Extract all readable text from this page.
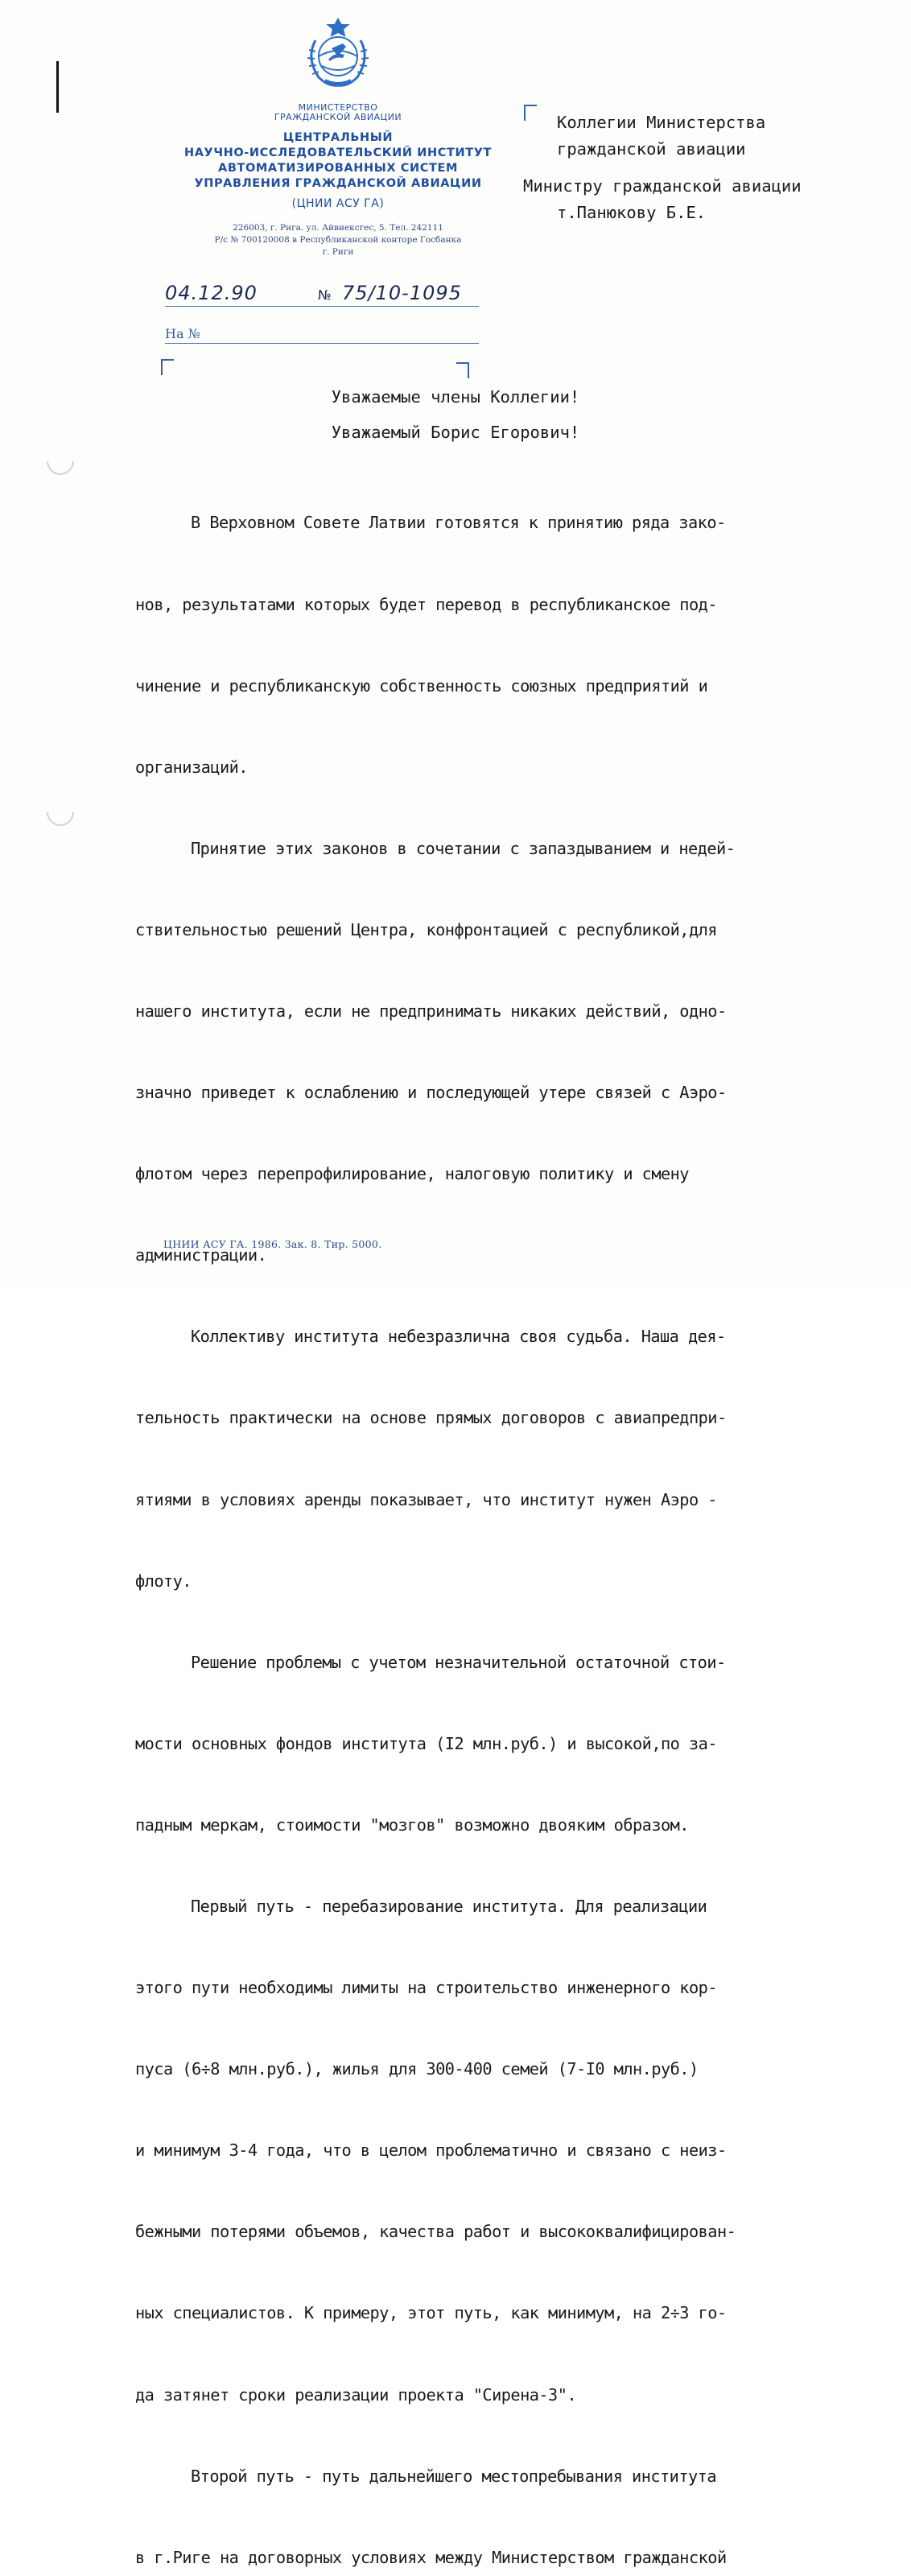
МИНИСТЕРСТВО
ГРАЖДАНСКОЙ АВИАЦИИ
ЦЕНТРАЛЬНЫЙ
НАУЧНО-ИССЛЕДОВАТЕЛЬСКИЙ ИНСТИТУТ
АВТОМАТИЗИРОВАННЫХ СИСТЕМ
УПРАВЛЕНИЯ ГРАЖДАНСКОЙ АВИАЦИИ
(ЦНИИ АСУ ГА)
226003, г. Рига. ул. Айвиексгес, 5. Тел. 242111
Р/с № 700120008 в Республиканской конторе Госбанка
г. Риги
04.12.90	№ 75/10-1095
На №
Коллегии Министерства
гражданской авиации
Министру гражданской авиации
т.Панюкову Б.Е.
Уважаемые члены Коллегии!
Уважаемый Борис Егорович!

В Верховном Совете Латвии готовятся к принятию ряда зако-

нов, результатами которых будет перевод в республиканское под-

чинение и республиканскую собственность союзных предприятий и

организаций.

Принятие этих законов в сочетании с запаздыванием и недей-

ствительностью решений Центра, конфронтацией с республикой,для

нашего института, если не предпринимать никаких действий, одно-

значно приведет к ослаблению и последующей утере связей с Аэро-

флотом через перепрофилирование, налоговую политику и смену

администрации.

Коллективу института небезразлична своя судьба. Наша дея-

тельность практически на основе прямых договоров с авиапредпри-

ятиями в условиях аренды показывает, что институт нужен Аэро -

флоту.

Решение проблемы с учетом незначительной остаточной стои-

мости основных фондов института (I2 млн.руб.) и высокой,по за-

падным меркам, стоимости "мозгов" возможно двояким образом.

Первый путь - перебазирование института. Для реализации

этого пути необходимы лимиты на строительство инженерного кор-

пуса (6÷8 млн.руб.), жилья для 300-400 семей (7-I0 млн.руб.)

и минимум 3-4 года, что в целом проблематично и связано с неиз-

бежными потерями объемов, качества работ и высококвалифицирован-

ных специалистов. К примеру, этот путь, как минимум, на 2÷3 го-

да затянет сроки реализации проекта "Сирена-3".

Второй путь - путь дальнейшего местопребывания института

в г.Риге на договорных условиях между Министерством гражданской

ЦНИИ АСУ ГА. 1986. Зак. 8. Тир. 5000.
